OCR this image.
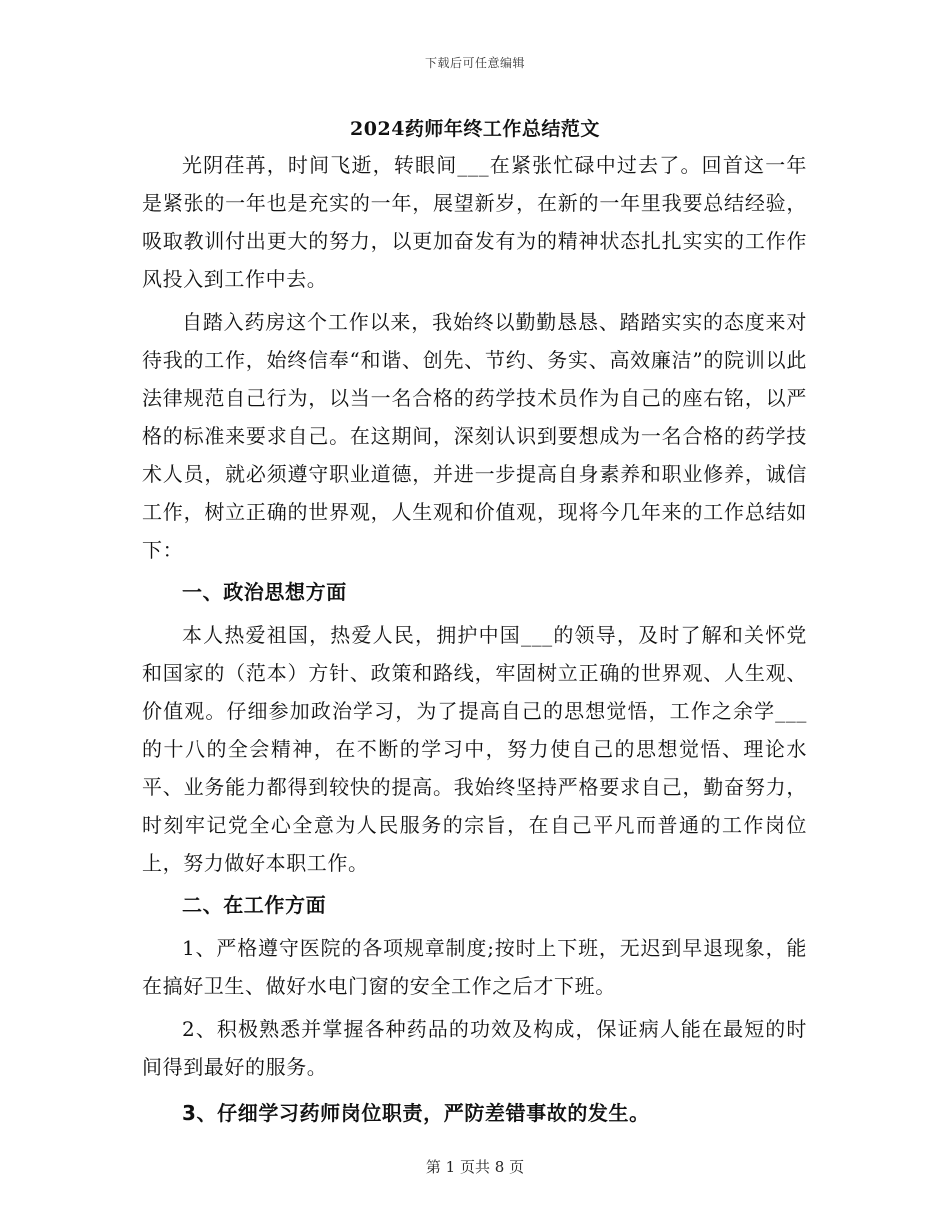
下载后可任意编辑
2024药师年终工作总结范文

光阴荏苒，时间飞逝，转眼间___在紧张忙碌中过去了。回首这一年是紧张的一年也是充实的一年，展望新岁，在新的一年里我要总结经验，吸取教训付出更大的努力，以更加奋发有为的精神状态扎扎实实的工作作风投入到工作中去。

自踏入药房这个工作以来，我始终以勤勤恳恳、踏踏实实的态度来对待我的工作，始终信奉“和谐、创先、节约、务实、高效廉洁”的院训以此法律规范自己行为，以当一名合格的药学技术员作为自己的座右铭，以严格的标准来要求自己。在这期间，深刻认识到要想成为一名合格的药学技术人员，就必须遵守职业道德，并进一步提高自身素养和职业修养，诚信工作，树立正确的世界观，人生观和价值观，现将今几年来的工作总结如下：

一、政治思想方面

本人热爱祖国，热爱人民，拥护中国___的领导，及时了解和关怀党和国家的（范本）方针、政策和路线，牢固树立正确的世界观、人生观、价值观。仔细参加政治学习，为了提高自己的思想觉悟，工作之余学___的十八的全会精神，在不断的学习中，努力使自己的思想觉悟、理论水平、业务能力都得到较快的提高。我始终坚持严格要求自己，勤奋努力，时刻牢记党全心全意为人民服务的宗旨，在自己平凡而普通的工作岗位上，努力做好本职工作。

二、在工作方面

1、严格遵守医院的各项规章制度;按时上下班，无迟到早退现象，能在搞好卫生、做好水电门窗的安全工作之后才下班。

2、积极熟悉并掌握各种药品的功效及构成，保证病人能在最短的时间得到最好的服务。

3、仔细学习药师岗位职责，严防差错事故的发生。

第 1 页共 8 页
